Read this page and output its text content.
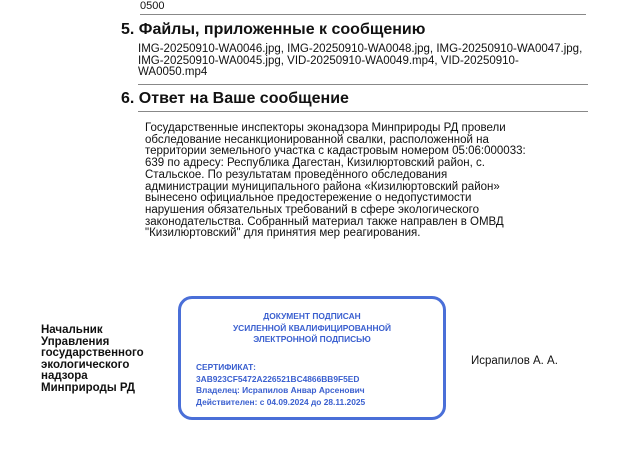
0500
5. Файлы, приложенные к сообщению
IMG-20250910-WA0046.jpg, IMG-20250910-WA0048.jpg, IMG-20250910-WA0047.jpg, IMG-20250910-WA0045.jpg, VID-20250910-WA0049.mp4, VID-20250910-WA0050.mp4
6. Ответ на Ваше сообщение
Государственные инспекторы эконадзора Минприроды РД провели
обследование несанкционированной свалки, расположенной на
территории земельного участка с кадастровым номером 05:06:000033:
639 по адресу: Республика Дагестан, Кизилюртовский район, с.
Стальское. По результатам проведённого обследования
администрации муниципального района «Кизилюртовский район»
вынесено официальное предостережение о недопустимости
нарушения обязательных требований в сфере экологического
законодательства. Собранный материал также направлен в ОМВД
"Кизилюртовский" для принятия мер реагирования.
Начальник
Управления
государственного
экологического
надзора
Минприроды РД
ДОКУМЕНТ ПОДПИСАН
УСИЛЕННОЙ КВАЛИФИЦИРОВАННОЙ
ЭЛЕКТРОННОЙ ПОДПИСЬЮ
СЕРТИФИКАТ:
3AB923CF5472A226521BC4866BB9F5ED
Владелец: Исрапилов Анвар Арсенович
Действителен: с 04.09.2024 до 28.11.2025
Исрапилов А. А.
